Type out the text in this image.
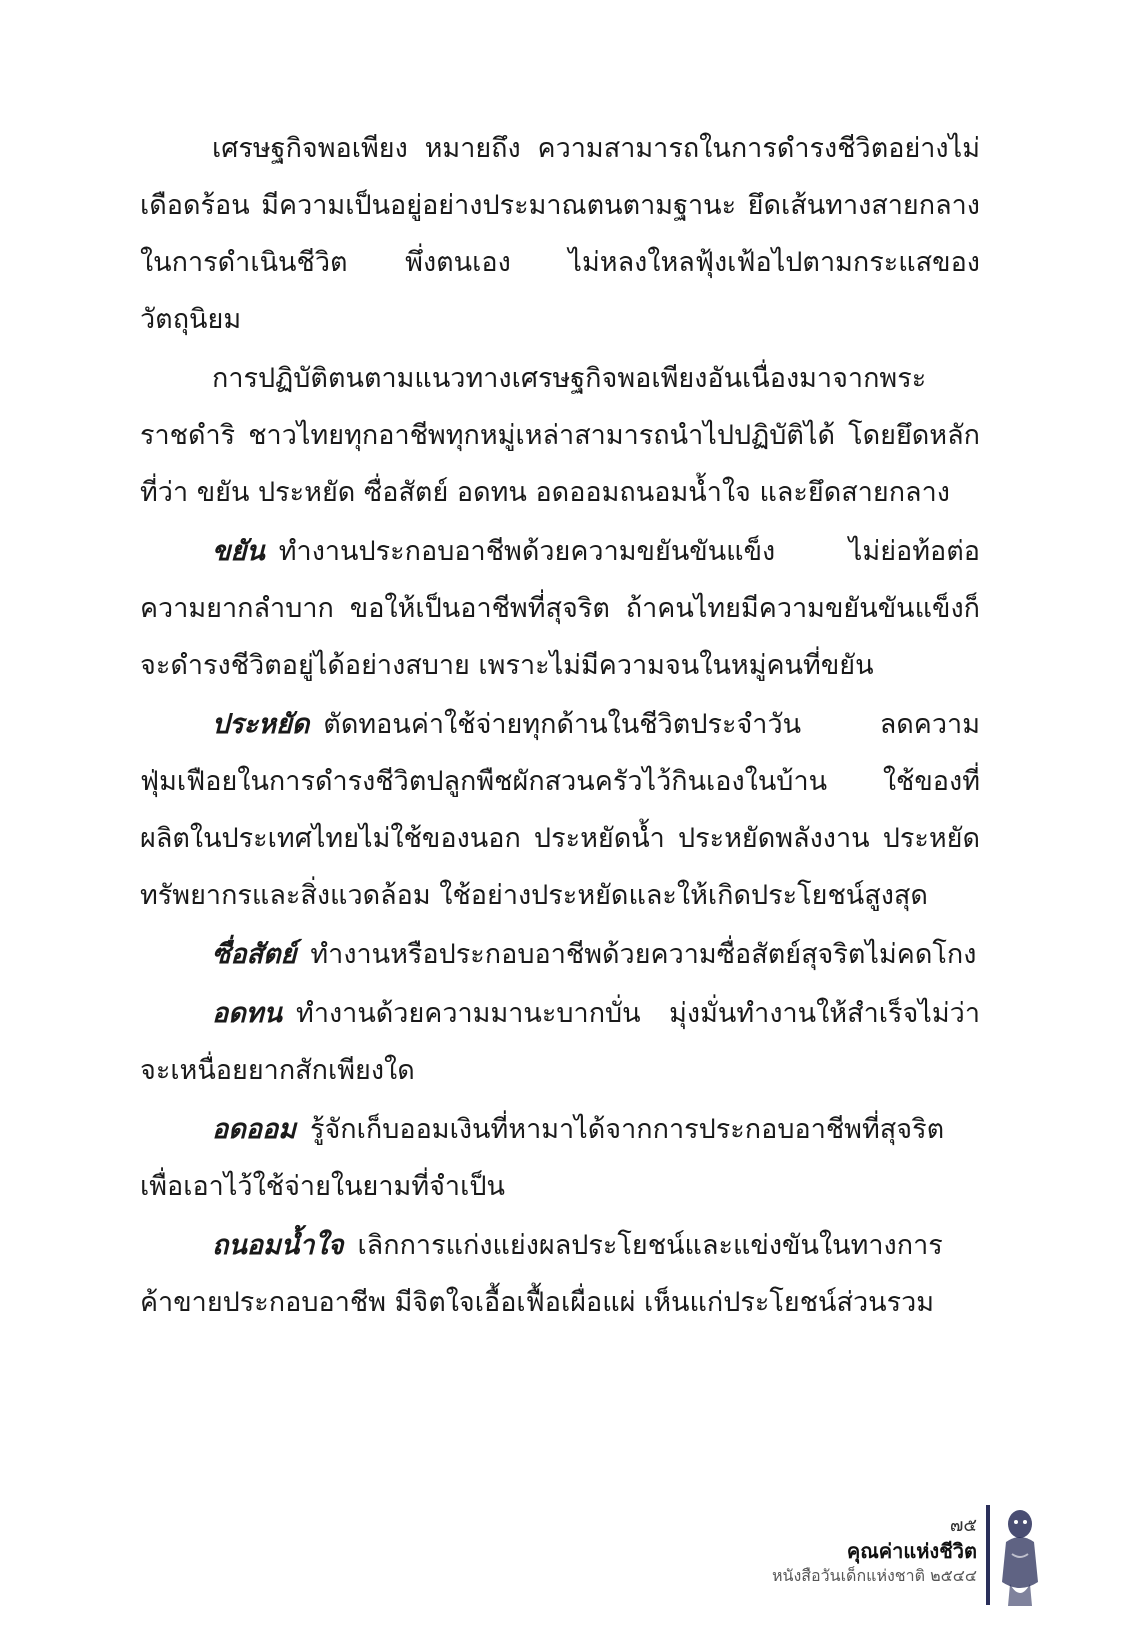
เศรษฐกิจพอเพียง หมายถึง ความสามารถในการดำรงชีวิตอย่างไม่เดือดร้อน มีความเป็นอยู่อย่างประมาณตนตามฐานะ ยึดเส้นทางสายกลางในการดำเนินชีวิต พึ่งตนเอง ไม่หลงใหลฟุ้งเฟ้อไปตามกระแสของวัตถุนิยม

การปฏิบัติตนตามแนวทางเศรษฐกิจพอเพียงอันเนื่องมาจากพระราชดำริ ชาวไทยทุกอาชีพทุกหมู่เหล่าสามารถนำไปปฏิบัติได้ โดยยึดหลักที่ว่า ขยัน ประหยัด ซื่อสัตย์ อดทน อดออมถนอมน้ำใจ และยึดสายกลาง

ขยัน ทำงานประกอบอาชีพด้วยความขยันขันแข็ง ไม่ย่อท้อต่อความยากลำบาก ขอให้เป็นอาชีพที่สุจริต ถ้าคนไทยมีความขยันขันแข็งก็จะดำรงชีวิตอยู่ได้อย่างสบาย เพราะไม่มีความจนในหมู่คนที่ขยัน

ประหยัด ตัดทอนค่าใช้จ่ายทุกด้านในชีวิตประจำวัน ลดความฟุ่มเฟือยในการดำรงชีวิตปลูกพืชผักสวนครัวไว้กินเองในบ้าน ใช้ของที่ผลิตในประเทศไทยไม่ใช้ของนอก ประหยัดน้ำ ประหยัดพลังงาน ประหยัดทรัพยากรและสิ่งแวดล้อม ใช้อย่างประหยัดและให้เกิดประโยชน์สูงสุด

ซื่อสัตย์ ทำงานหรือประกอบอาชีพด้วยความซื่อสัตย์สุจริตไม่คดโกง

อดทน ทำงานด้วยความมานะบากบั่น มุ่งมั่นทำงานให้สำเร็จไม่ว่าจะเหนื่อยยากสักเพียงใด

อดออม รู้จักเก็บออมเงินที่หามาได้จากการประกอบอาชีพที่สุจริตเพื่อเอาไว้ใช้จ่ายในยามที่จำเป็น

ถนอมน้ำใจ เลิกการแก่งแย่งผลประโยชน์และแข่งขันในทางการค้าขายประกอบอาชีพ มีจิตใจเอื้อเฟื้อเผื่อแผ่ เห็นแก่ประโยชน์ส่วนรวม

๗๕
คุณค่าแห่งชีวิต
หนังสือวันเด็กแห่งชาติ ๒๕๔๔
